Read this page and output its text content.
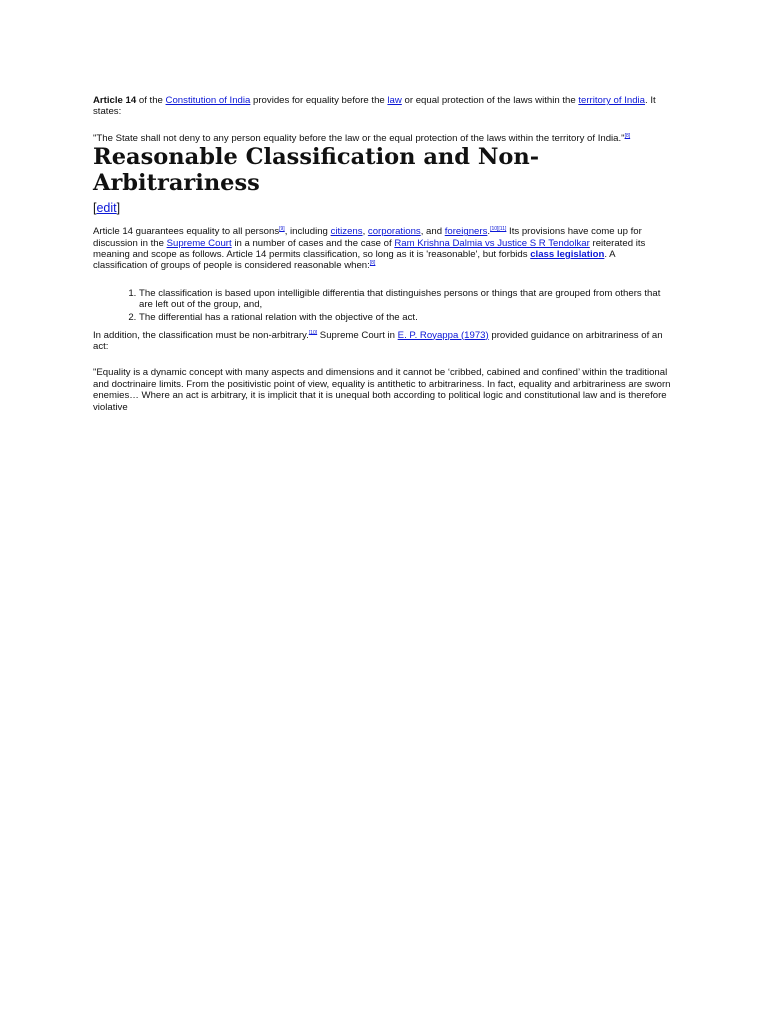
Article 14 of the Constitution of India provides for equality before the law or equal protection of the laws within the territory of India. It states:

"The State shall not deny to any person equality before the law or the equal protection of the laws within the territory of India."[8]

Reasonable Classification and Non-Arbitrariness
[edit]

Article 14 guarantees equality to all persons[9], including citizens, corporations, and foreigners.[10][11] Its provisions have come up for discussion in the Supreme Court in a number of cases and the case of Ram Krishna Dalmia vs Justice S R Tendolkar reiterated its meaning and scope as follows. Article 14 permits classification, so long as it is 'reasonable', but forbids class legislation. A classification of groups of people is considered reasonable when:[8]

1. The classification is based upon intelligible differentia that distinguishes persons or things that are grouped from others that are left out of the group, and,
2. The differential has a rational relation with the objective of the act.

In addition, the classification must be non-arbitrary.[10] Supreme Court in E. P. Royappa (1973) provided guidance on arbitrariness of an act:

"Equality is a dynamic concept with many aspects and dimensions and it cannot be ‘cribbed, cabined and confined’ within the traditional and doctrinaire limits. From the positivistic point of view, equality is antithetic to arbitrariness. In fact, equality and arbitrariness are sworn enemies… Where an act is arbitrary, it is implicit that it is unequal both according to political logic and constitutional law and is therefore violative
